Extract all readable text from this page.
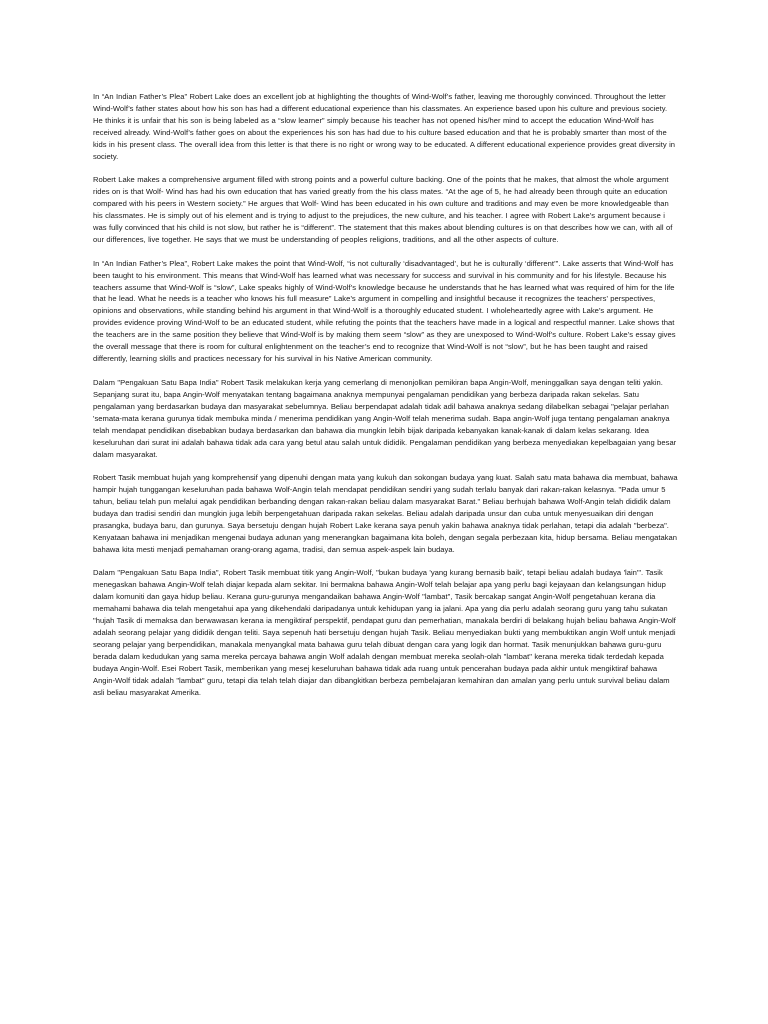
In “An Indian Father’s Plea” Robert Lake does an excellent job at highlighting the thoughts of Wind-Wolf’s father, leaving me thoroughly convinced. Throughout the letter Wind-Wolf’s father states about how his son has had a different educational experience than his classmates. An experience based upon his culture and previous society. He thinks it is unfair that his son is being labeled as a “slow learner” simply because his teacher has not opened his/her mind to accept the education Wind-Wolf has received already. Wind-Wolf’s father goes on about the experiences his son has had due to his culture based education and that he is probably smarter than most of the kids in his present class. The overall idea from this letter is that there is no right or wrong way to be educated. A different educational experience provides great diversity in society.

Robert Lake makes a comprehensive argument filled with strong points and a powerful culture backing. One of the points that he makes, that almost the whole argument rides on is that Wolf- Wind has had his own education that has varied greatly from the his class mates. “At the age of 5, he had already been through quite an education compared with his peers in Western society.” He argues that Wolf- Wind has been educated in his own culture and traditions and may even be more knowledgeable than his classmates. He is simply out of his element and is trying to adjust to the prejudices, the new culture, and his teacher. I agree with Robert Lake’s argument because i was fully convinced that his child is not slow, but rather he is “different”. The statement that this makes about blending cultures is on that describes how we can, with all of our differences, live together. He says that we must be understanding of peoples religions, traditions, and all the other aspects of culture.

In “An Indian Father’s Plea”, Robert Lake makes the point that Wind-Wolf, “is not culturally ‘disadvantaged’, but he is culturally ‘different’”. Lake asserts that Wind-Wolf has been taught to his environment. This means that Wind-Wolf has learned what was necessary for success and survival in his community and for his lifestyle. Because his teachers assume that Wind-Wolf is “slow”, Lake speaks highly of Wind-Wolf’s knowledge because he understands that he has learned what was required of him for the life that he lead. What he needs is a teacher who knows his full measure” Lake’s argument in compelling and insightful because it recognizes the teachers’ perspectives, opinions and observations, while standing behind his argument in that Wind-Wolf is a thoroughly educated student. I wholeheartedly agree with Lake’s argument. He provides evidence proving Wind-Wolf to be an educated student, while refuting the points that the teachers have made in a logical and respectful manner. Lake shows that the teachers are in the same position they believe that Wind-Wolf is by making them seem “slow” as they are unexposed to Wind-Wolf’s culture. Robert Lake’s essay gives the overall message that there is room for cultural enlightenment on the teacher’s end to recognize that Wind-Wolf is not “slow”, but he has been taught and raised differently, learning skills and practices necessary for his survival in his Native American community.

Dalam "Pengakuan Satu Bapa India" Robert Tasik melakukan kerja yang cemerlang di menonjolkan pemikiran bapa Angin-Wolf, meninggalkan saya dengan teliti yakin. Sepanjang surat itu, bapa Angin-Wolf menyatakan tentang bagaimana anaknya mempunyai pengalaman pendidikan yang berbeza daripada rakan sekelas. Satu pengalaman yang berdasarkan budaya dan masyarakat sebelumnya. Beliau berpendapat adalah tidak adil bahawa anaknya sedang dilabelkan sebagai "pelajar perlahan 'semata-mata kerana gurunya tidak membuka minda / menerima pendidikan yang Angin-Wolf telah menerima sudah. Bapa angin-Wolf juga tentang pengalaman anaknya telah mendapat pendidikan disebabkan budaya berdasarkan dan bahawa dia mungkin lebih bijak daripada kebanyakan kanak-kanak di dalam kelas sekarang. Idea keseluruhan dari surat ini adalah bahawa tidak ada cara yang betul atau salah untuk dididik. Pengalaman pendidikan yang berbeza menyediakan kepelbagaian yang besar dalam masyarakat.

Robert Tasik membuat hujah yang komprehensif yang dipenuhi dengan mata yang kukuh dan sokongan budaya yang kuat. Salah satu mata bahawa dia membuat, bahawa hampir hujah tunggangan keseluruhan pada bahawa Wolf-Angin telah mendapat pendidikan sendiri yang sudah terlalu banyak dari rakan-rakan kelasnya. "Pada umur 5 tahun, beliau telah pun melalui agak pendidikan berbanding dengan rakan-rakan beliau dalam masyarakat Barat." Beliau berhujah bahawa Wolf-Angin telah dididik dalam budaya dan tradisi sendiri dan mungkin juga lebih berpengetahuan daripada rakan sekelas. Beliau adalah daripada unsur dan cuba untuk menyesuaikan diri dengan prasangka, budaya baru, dan gurunya. Saya bersetuju dengan hujah Robert Lake kerana saya penuh yakin bahawa anaknya tidak perlahan, tetapi dia adalah "berbeza". Kenyataan bahawa ini menjadikan mengenai budaya adunan yang menerangkan bagaimana kita boleh, dengan segala perbezaan kita, hidup bersama. Beliau mengatakan bahawa kita mesti menjadi pemahaman orang-orang agama, tradisi, dan semua aspek-aspek lain budaya.

Dalam "Pengakuan Satu Bapa India", Robert Tasik membuat titik yang Angin-Wolf, "bukan budaya 'yang kurang bernasib baik', tetapi beliau adalah budaya 'lain'". Tasik menegaskan bahawa Angin-Wolf telah diajar kepada alam sekitar. Ini bermakna bahawa Angin-Wolf telah belajar apa yang perlu bagi kejayaan dan kelangsungan hidup dalam komuniti dan gaya hidup beliau. Kerana guru-gurunya mengandaikan bahawa Angin-Wolf "lambat", Tasik bercakap sangat Angin-Wolf pengetahuan kerana dia memahami bahawa dia telah mengetahui apa yang dikehendaki daripadanya untuk kehidupan yang ia jalani. Apa yang dia perlu adalah seorang guru yang tahu sukatan "hujah Tasik di memaksa dan berwawasan kerana ia mengiktiraf perspektif, pendapat guru dan pemerhatian, manakala berdiri di belakang hujah beliau bahawa Angin-Wolf adalah seorang pelajar yang dididik dengan teliti. Saya sepenuh hati bersetuju dengan hujah Tasik. Beliau menyediakan bukti yang membuktikan angin Wolf untuk menjadi seorang pelajar yang berpendidikan, manakala menyangkal mata bahawa guru telah dibuat dengan cara yang logik dan hormat. Tasik menunjukkan bahawa guru-guru berada dalam kedudukan yang sama mereka percaya bahawa angin Wolf adalah dengan membuat mereka seolah-olah "lambat" kerana mereka tidak terdedah kepada budaya Angin-Wolf. Esei Robert Tasik, memberikan yang mesej keseluruhan bahawa tidak ada ruang untuk pencerahan budaya pada akhir untuk mengiktiraf bahawa Angin-Wolf tidak adalah "lambat" guru, tetapi dia telah telah diajar dan dibangkitkan berbeza pembelajaran kemahiran dan amalan yang perlu untuk survival beliau dalam asli beliau masyarakat Amerika.
